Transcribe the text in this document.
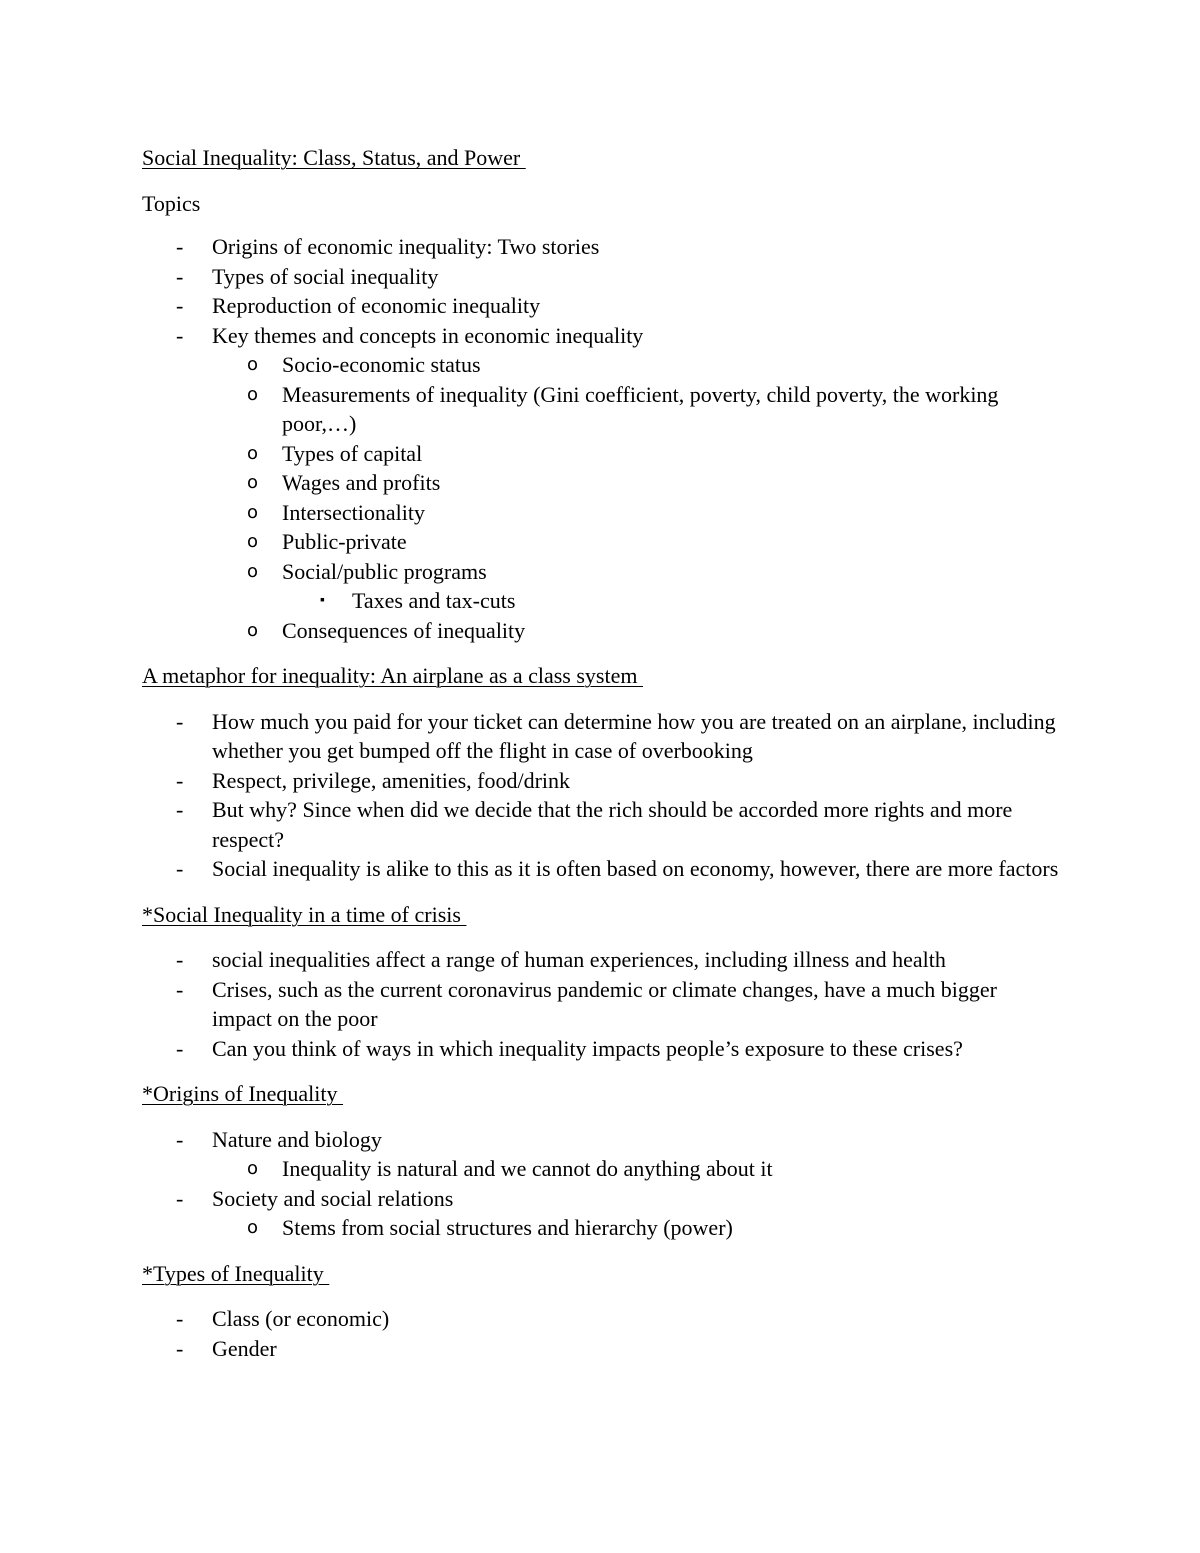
Social Inequality: Class, Status, and Power
Topics
- Origins of economic inequality: Two stories
- Types of social inequality
- Reproduction of economic inequality
- Key themes and concepts in economic inequality
o Socio-economic status
o Measurements of inequality (Gini coefficient, poverty, child poverty, the working poor,…)
o Types of capital
o Wages and profits
o Intersectionality
o Public-private
o Social/public programs
▪ Taxes and tax-cuts
o Consequences of inequality
A metaphor for inequality: An airplane as a class system
- How much you paid for your ticket can determine how you are treated on an airplane, including whether you get bumped off the flight in case of overbooking
- Respect, privilege, amenities, food/drink
- But why? Since when did we decide that the rich should be accorded more rights and more respect?
- Social inequality is alike to this as it is often based on economy, however, there are more factors
*Social Inequality in a time of crisis
- social inequalities affect a range of human experiences, including illness and health
- Crises, such as the current coronavirus pandemic or climate changes, have a much bigger impact on the poor
- Can you think of ways in which inequality impacts people’s exposure to these crises?
*Origins of Inequality
- Nature and biology
o Inequality is natural and we cannot do anything about it
- Society and social relations
o Stems from social structures and hierarchy (power)
*Types of Inequality
- Class (or economic)
- Gender
